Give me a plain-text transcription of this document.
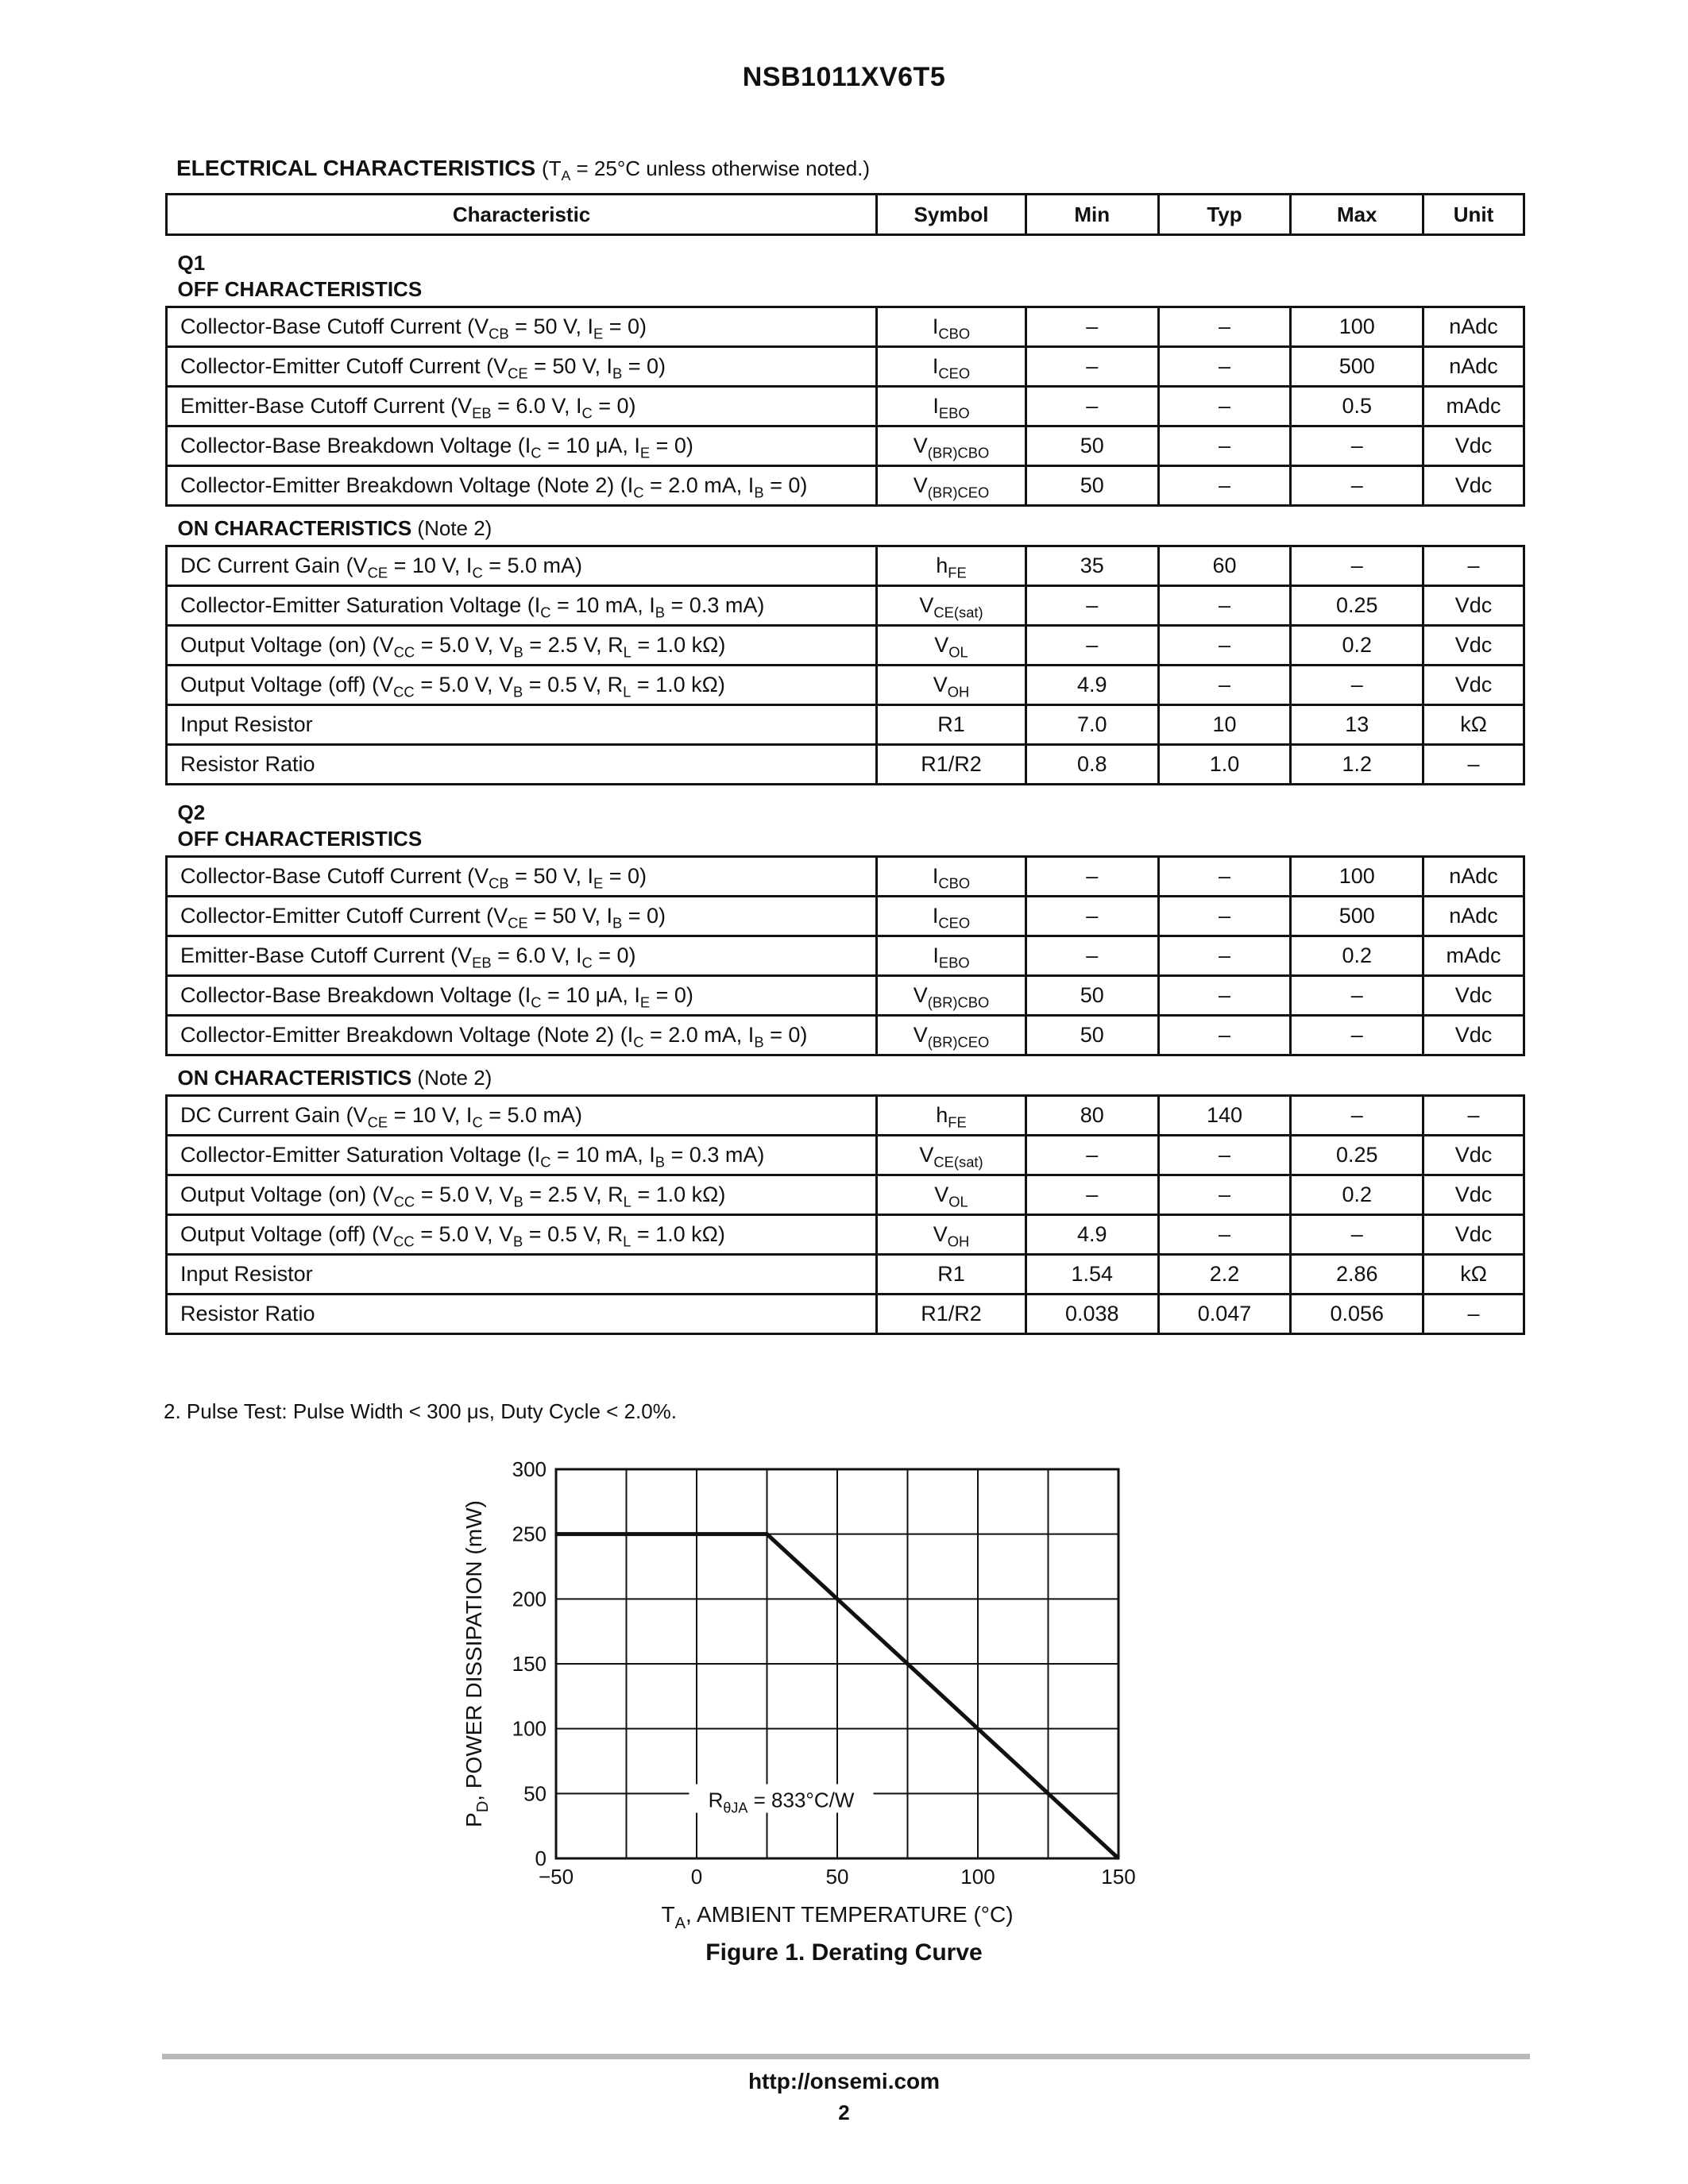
NSB1011XV6T5
ELECTRICAL CHARACTERISTICS ($T_A = 25^\circ C$ unless otherwise noted.)
Characteristic	Symbol	Min	Typ	Max	Unit

Q1
OFF CHARACTERISTICS					

Collector-Base Cutoff Current ($V_{CB} = 50$ V, $I_E = 0$)	$I_{CBO}$	–	–	100	nAdc
Collector-Emitter Cutoff Current ($V_{CE} = 50$ V, $I_B = 0$)	$I_{CEO}$	–	–	500	nAdc
Emitter-Base Cutoff Current ($V_{EB} = 6.0$ V, $I_C = 0$)	$I_{EBO}$	–	–	0.5	mAdc
Collector-Base Breakdown Voltage ($I_C = 10$ μA, $I_E = 0$)	$V_{(BR)CBO}$	50	–	–	Vdc
Collector-Emitter Breakdown Voltage (Note 2) ($I_C = 2.0$ mA, $I_B = 0$)	$V_{(BR)CEO}$	50	–	–	Vdc

ON CHARACTERISTICS (Note 2)					

DC Current Gain ($V_{CE} = 10$ V, $I_C = 5.0$ mA)	$h_{FE}$	35	60	–	–
Collector-Emitter Saturation Voltage ($I_C = 10$ mA, $I_B = 0.3$ mA)	$V_{CE(sat)}$	–	–	0.25	Vdc
Output Voltage (on) ($V_{CC} = 5.0$ V, $V_B = 2.5$ V, $R_L = 1.0$ kΩ)	$V_{OL}$	–	–	0.2	Vdc
Output Voltage (off) ($V_{CC} = 5.0$ V, $V_B = 0.5$ V, $R_L = 1.0$ kΩ)	$V_{OH}$	4.9	–	–	Vdc
Input Resistor	R1	7.0	10	13	kΩ
Resistor Ratio	R1/R2	0.8	1.0	1.2	–

Q2
OFF CHARACTERISTICS					

Collector-Base Cutoff Current ($V_{CB} = 50$ V, $I_E = 0$)	$I_{CBO}$	–	–	100	nAdc
Collector-Emitter Cutoff Current ($V_{CE} = 50$ V, $I_B = 0$)	$I_{CEO}$	–	–	500	nAdc
Emitter-Base Cutoff Current ($V_{EB} = 6.0$ V, $I_C = 0$)	$I_{EBO}$	–	–	0.2	mAdc
Collector-Base Breakdown Voltage ($I_C = 10$ μA, $I_E = 0$)	$V_{(BR)CBO}$	50	–	–	Vdc
Collector-Emitter Breakdown Voltage (Note 2) ($I_C = 2.0$ mA, $I_B = 0$)	$V_{(BR)CEO}$	50	–	–	Vdc

ON CHARACTERISTICS (Note 2)					

DC Current Gain ($V_{CE} = 10$ V, $I_C = 5.0$ mA)	$h_{FE}$	80	140	–	–
Collector-Emitter Saturation Voltage ($I_C = 10$ mA, $I_B = 0.3$ mA)	$V_{CE(sat)}$	–	–	0.25	Vdc
Output Voltage (on) ($V_{CC} = 5.0$ V, $V_B = 2.5$ V, $R_L = 1.0$ kΩ)	$V_{OL}$	–	–	0.2	Vdc
Output Voltage (off) ($V_{CC} = 5.0$ V, $V_B = 0.5$ V, $R_L = 1.0$ kΩ)	$V_{OH}$	4.9	–	–	Vdc
Input Resistor	R1	1.54	2.2	2.86	kΩ
Resistor Ratio	R1/R2	0.038	0.047	0.056	–
2. Pulse Test: Pulse Width < 300 μs, Duty Cycle < 2.0%.
0
50
100
150
200
250
300
−50	0	50	100	150
$R_{\theta JA} = 833^\circ C/W$
$T_A$, AMBIENT TEMPERATURE (°C)
$P_D$, POWER DISSIPATION (mW)
Figure 1. Derating Curve
http://onsemi.com
2
